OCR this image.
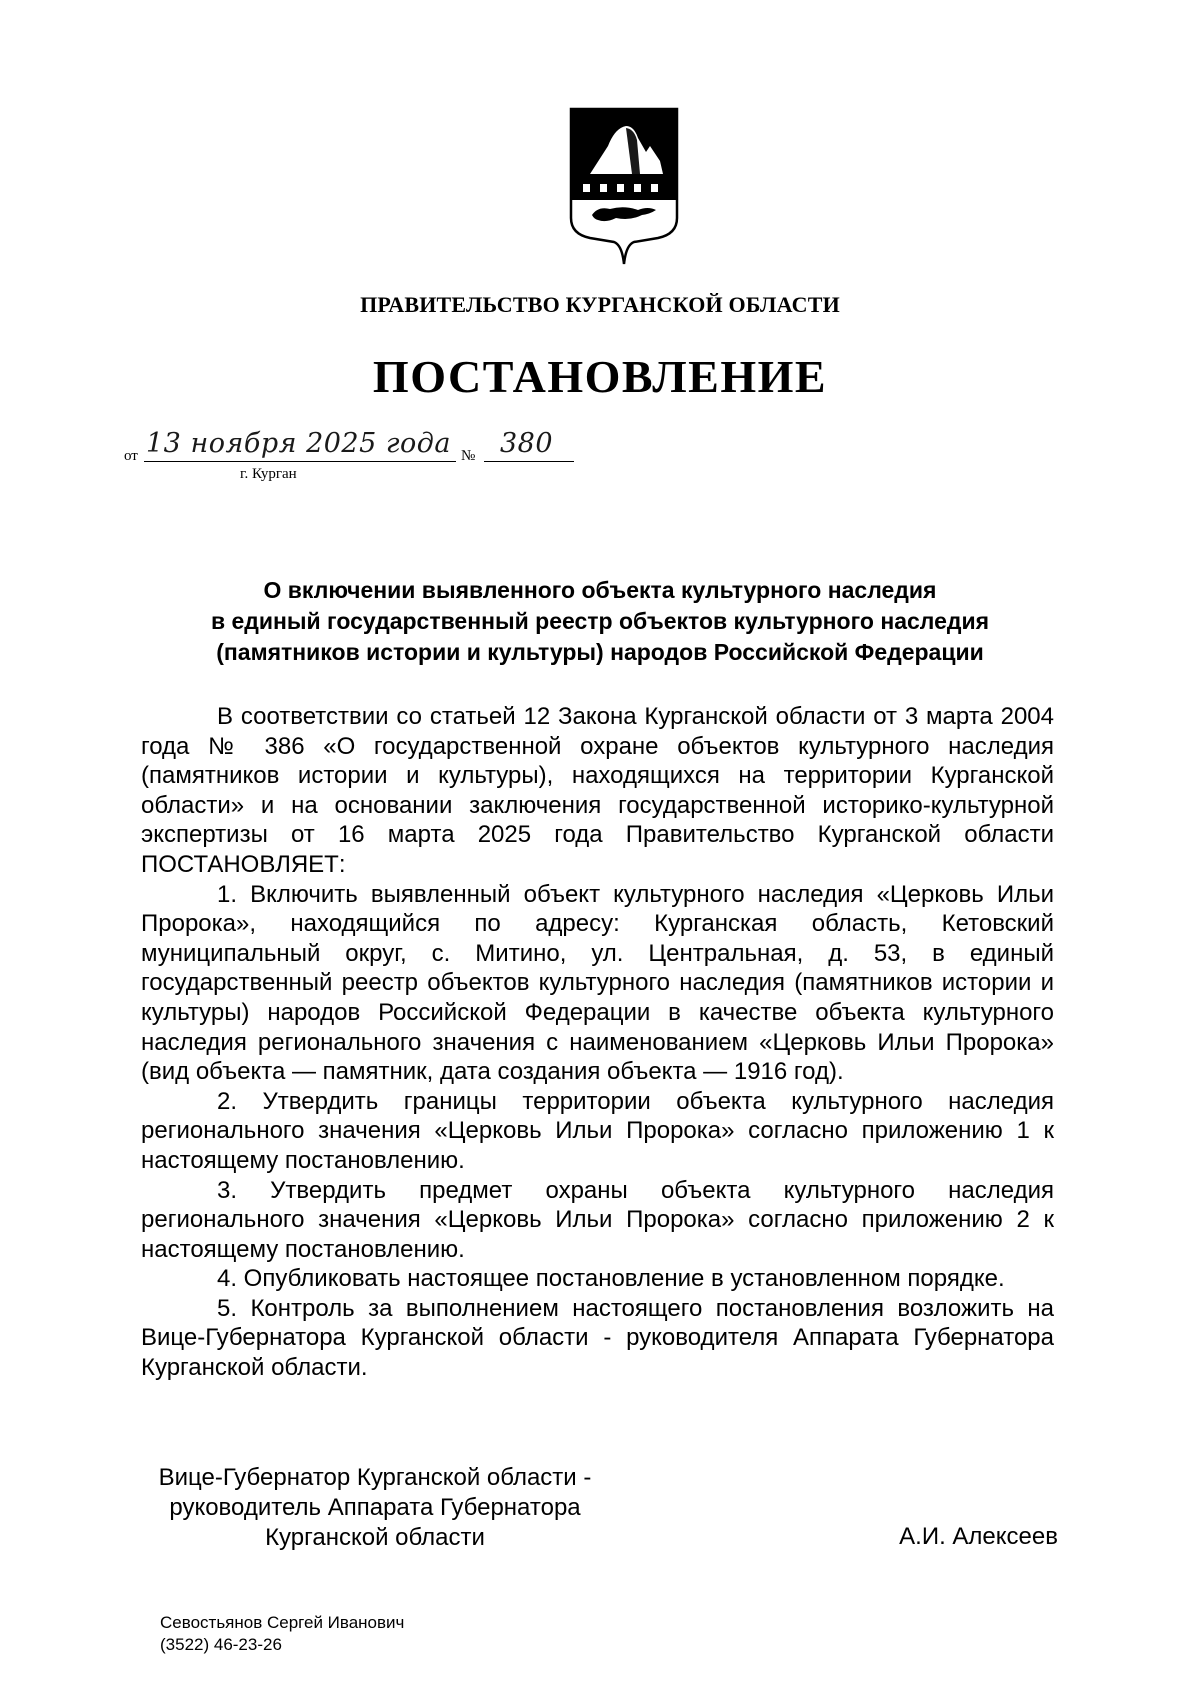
ПРАВИТЕЛЬСТВО КУРГАНСКОЙ ОБЛАСТИ
ПОСТАНОВЛЕНИЕ
от 13 ноября 2025 года № 380
г. Курган
О включении выявленного объекта культурного наследия
в единый государственный реестр объектов культурного наследия
(памятников истории и культуры) народов Российской Федерации

В соответствии со статьей 12 Закона Курганской области от 3 марта 2004 года № 386 «О государственной охране объектов культурного наследия (памятников истории и культуры), находящихся на территории Курганской области» и на основании заключения государственной историко-культурной экспертизы от 16 марта 2025 года Правительство Курганской области ПОСТАНОВЛЯЕТ:

1. Включить выявленный объект культурного наследия «Церковь Ильи Пророка», находящийся по адресу: Курганская область, Кетовский муниципальный округ, с. Митино, ул. Центральная, д. 53, в единый государственный реестр объектов культурного наследия (памятников истории и культуры) народов Российской Федерации в качестве объекта культурного наследия регионального значения с наименованием «Церковь Ильи Пророка» (вид объекта — памятник, дата создания объекта — 1916 год).

2. Утвердить границы территории объекта культурного наследия регионального значения «Церковь Ильи Пророка» согласно приложению 1 к настоящему постановлению.

3. Утвердить предмет охраны объекта культурного наследия регионального значения «Церковь Ильи Пророка» согласно приложению 2 к настоящему постановлению.

4. Опубликовать настоящее постановление в установленном порядке.

5. Контроль за выполнением настоящего постановления возложить на Вице-Губернатора Курганской области - руководителя Аппарата Губернатора Курганской области.

Вице-Губернатор Курганской области -
руководитель Аппарата Губернатора
Курганской области	А.И. Алексеев
Севостьянов Сергей Иванович
(3522) 46-23-26
